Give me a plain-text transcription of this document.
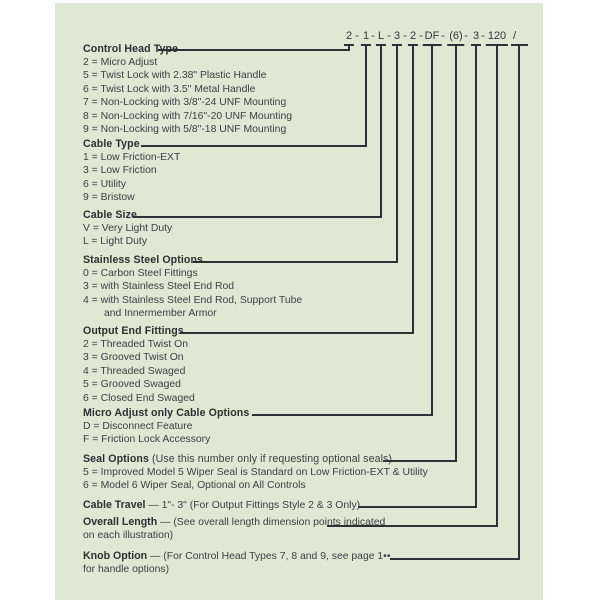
2 - 1 - L - 3 - 2 - DF - (6) - 3 - 120 /
Control Head Type
2 = Micro Adjust
5 = Twist Lock with 2.38" Plastic Handle
6 = Twist Lock with 3.5" Metal Handle
7 = Non-Locking with 3/8"-24 UNF Mounting
8 = Non-Locking with 7/16"-20 UNF Mounting
9 = Non-Locking with 5/8"-18 UNF Mounting
Cable Type
1 = Low Friction-EXT
3 = Low Friction
6 = Utility
9 = Bristow
Cable Size
V = Very Light Duty
L = Light Duty
Stainless Steel Options
0 = Carbon Steel Fittings
3 = with Stainless Steel End Rod
4 = with Stainless Steel End Rod, Support Tube
and Innermember Armor
Output End Fittings
2 = Threaded Twist On
3 = Grooved Twist On
4 = Threaded Swaged
5 = Grooved Swaged
6 = Closed End Swaged
Micro Adjust only Cable Options
D = Disconnect Feature
F = Friction Lock Accessory
Seal Options (Use this number only if requesting optional seals)
5 = Improved Model 5 Wiper Seal is Standard on Low Friction-EXT & Utility
6 = Model 6 Wiper Seal, Optional on All Controls
Cable Travel — 1"- 3" (For Output Fittings Style 2 & 3 Only)
Overall Length — (See overall length dimension points indicated
on each illustration)
Knob Option — (For Control Head Types 7, 8 and 9, see page 1••
for handle options)
